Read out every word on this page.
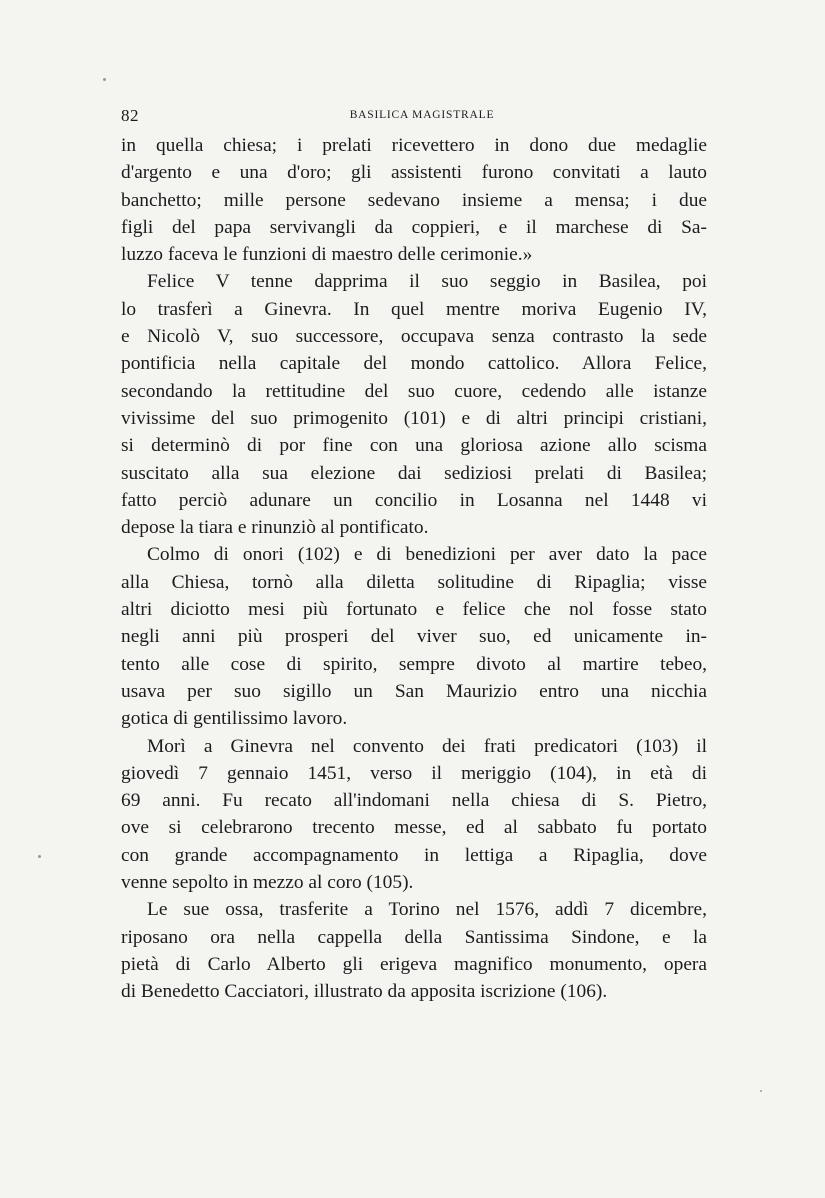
82	BASILICA MAGISTRALE
in quella chiesa; i prelati ricevettero in dono due medaglie
d'argento e una d'oro; gli assistenti furono convitati a lauto
banchetto; mille persone sedevano insieme a mensa; i due
figli del papa servivangli da coppieri, e il marchese di Sa-
luzzo faceva le funzioni di maestro delle cerimonie.»
Felice V tenne dapprima il suo seggio in Basilea, poi
lo trasferì a Ginevra. In quel mentre moriva Eugenio IV,
e Nicolò V, suo successore, occupava senza contrasto la sede
pontificia nella capitale del mondo cattolico. Allora Felice,
secondando la rettitudine del suo cuore, cedendo alle istanze
vivissime del suo primogenito (101) e di altri principi cristiani,
si determinò di por fine con una gloriosa azione allo scisma
suscitato alla sua elezione dai sediziosi prelati di Basilea;
fatto perciò adunare un concilio in Losanna nel 1448 vi
depose la tiara e rinunziò al pontificato.
Colmo di onori (102) e di benedizioni per aver dato la pace
alla Chiesa, tornò alla diletta solitudine di Ripaglia; visse
altri diciotto mesi più fortunato e felice che nol fosse stato
negli anni più prosperi del viver suo, ed unicamente in-
tento alle cose di spirito, sempre divoto al martire tebeo,
usava per suo sigillo un San Maurizio entro una nicchia
gotica di gentilissimo lavoro.
Morì a Ginevra nel convento dei frati predicatori (103) il
giovedì 7 gennaio 1451, verso il meriggio (104), in età di
69 anni. Fu recato all'indomani nella chiesa di S. Pietro,
ove si celebrarono trecento messe, ed al sabbato fu portato
con grande accompagnamento in lettiga a Ripaglia, dove
venne sepolto in mezzo al coro (105).
Le sue ossa, trasferite a Torino nel 1576, addì 7 dicembre,
riposano ora nella cappella della Santissima Sindone, e la
pietà di Carlo Alberto gli erigeva magnifico monumento, opera
di Benedetto Cacciatori, illustrato da apposita iscrizione (106).
